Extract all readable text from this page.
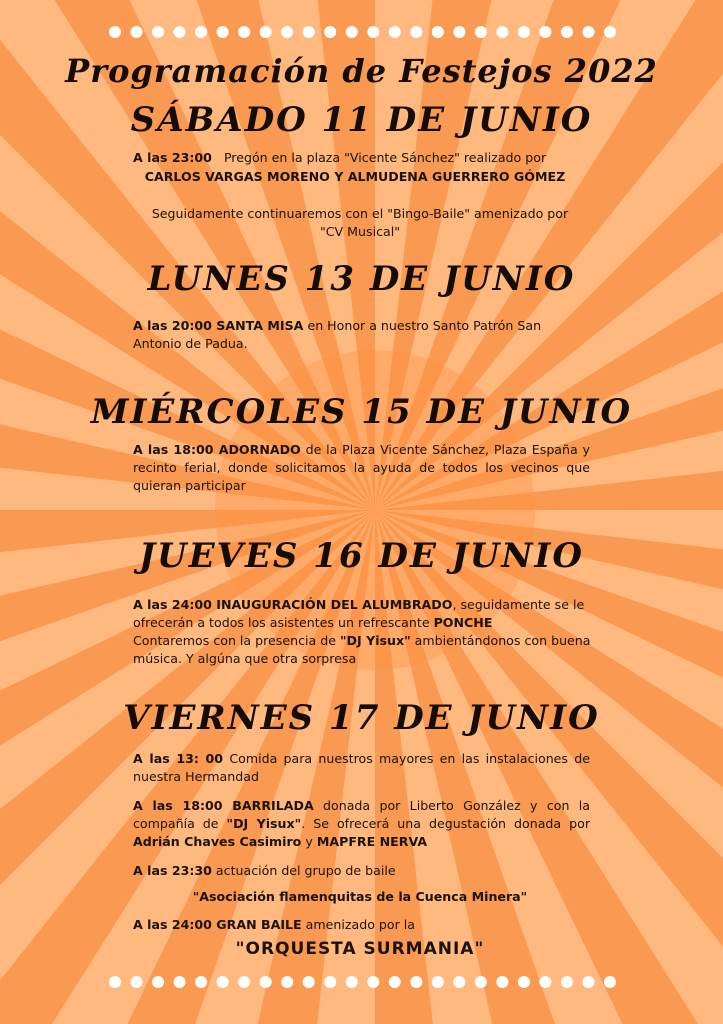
Programación de Festejos 2022
SÁBADO 11 DE JUNIO
A las 23:00 Pregón en la plaza "Vicente Sánchez" realizado por
CARLOS VARGAS MORENO Y ALMUDENA GUERRERO GÓMEZ
Seguidamente continuaremos con el "Bingo-Baile" amenizado por
"CV Musical"
LUNES 13 DE JUNIO
A las 20:00 SANTA MISA en Honor a nuestro Santo Patrón San Antonio de Padua.
MIÉRCOLES 15 DE JUNIO
A las 18:00 ADORNADO de la Plaza Vicente Sánchez, Plaza España y recinto ferial, donde solicitamos la ayuda de todos los vecinos que quieran participar
JUEVES 16 DE JUNIO
A las 24:00 INAUGURACIÓN DEL ALUMBRADO, seguidamente se le ofrecerán a todos los asistentes un refrescante PONCHE
Contaremos con la presencia de "DJ Yisux" ambientándonos con buena música. Y algúna que otra sorpresa
VIERNES 17 DE JUNIO
A las 13: 00 Comida para nuestros mayores en las instalaciones de nuestra Hermandad
A las 18:00 BARRILADA donada por Liberto González y con la compañía de "DJ Yisux". Se ofrecerá una degustación donada por Adrián Chaves Casimiro y MAPFRE NERVA
A las 23:30 actuación del grupo de baile
"Asociación flamenquitas de la Cuenca Minera"
A las 24:00 GRAN BAILE amenizado por la
"ORQUESTA SURMANIA"
